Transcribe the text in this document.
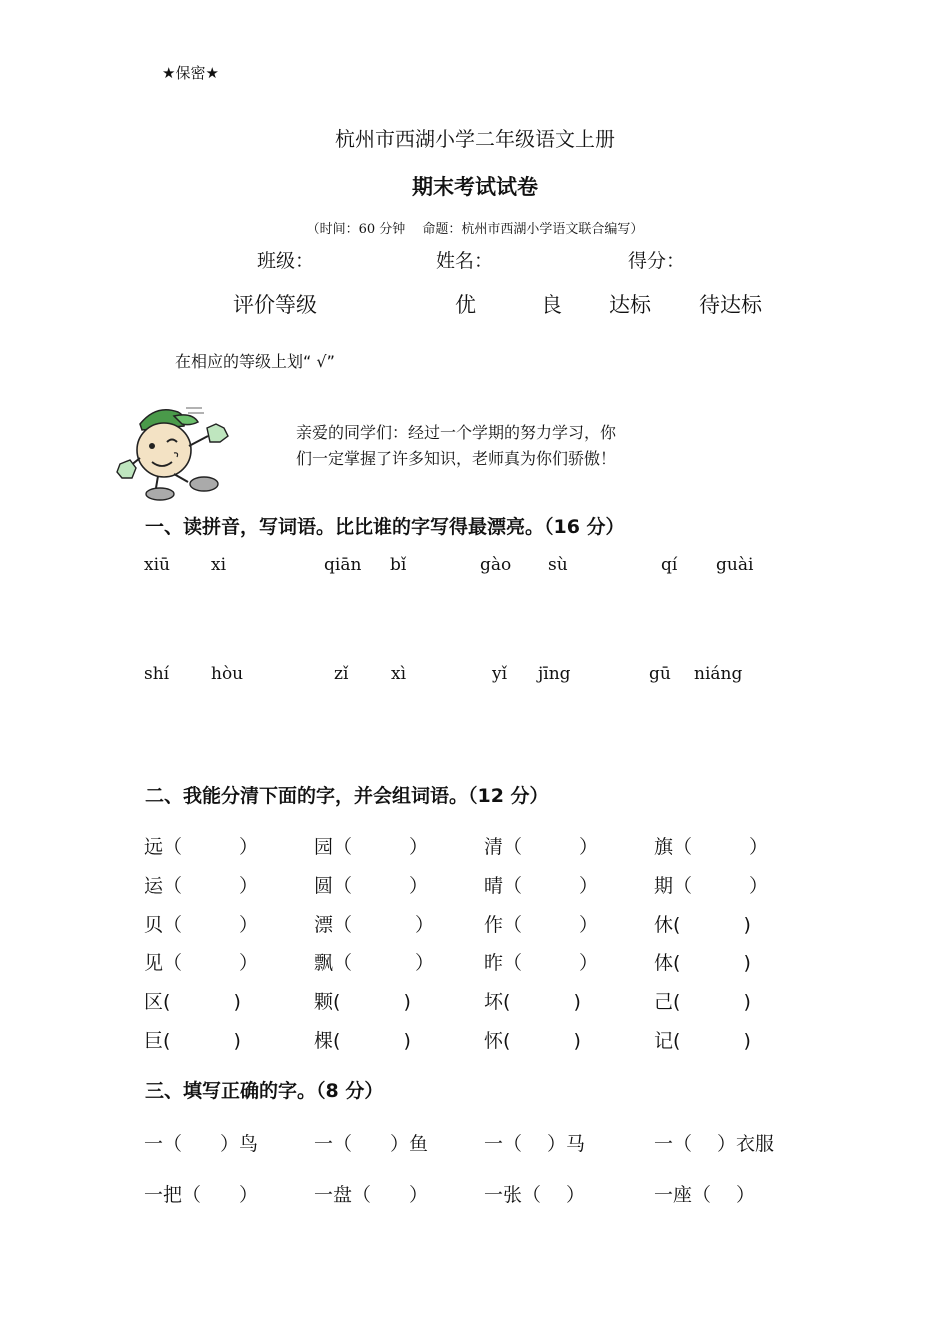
★保密★
杭州市西湖小学二年级语文上册
期末考试试卷
（时间：60 分钟　 命题：杭州市西湖小学语文联合编写）
班级：	姓名：	得分：
评价等级	优	良 达标 待达标
在相应的等级上划“ √”
亲爱的同学们：经过一个学期的努力学习，你
们一定掌握了许多知识，老师真为你们骄傲！
一、读拼音，写词语。比比谁的字写得最漂亮。（16 分）
xiū xi	qiān bǐ	gào sù	qí guài
shí hòu	zǐ	xì	yǐ jīng	gū niáng
二、我能分清下面的字，并会组词语。（12 分）
远（　　　）	园（　　　）	清（　　　）	旗（　　　）
运（　　　）	圆（　　　）	晴（　　　）	期（　　　）
贝（　　　）	漂（　　　 ）	作（　　　）	休(　　　 )
见（　　　）	飘（　　　 ）	昨（　　　）	体(　　　 )
区(　　　 )	颗(　　　 )	坏(　　　 )	己(　　　 )
巨(　　　 )	棵(　　　 )	怀(　　　 )	记(　　　 )
三、填写正确的字。（8 分）
一（　　）鸟	一（　　）鱼	一（　 ）马	一（　 ）衣服
一把（　　）	一盘（　　）	一张（　 ）	一座（　 ）
